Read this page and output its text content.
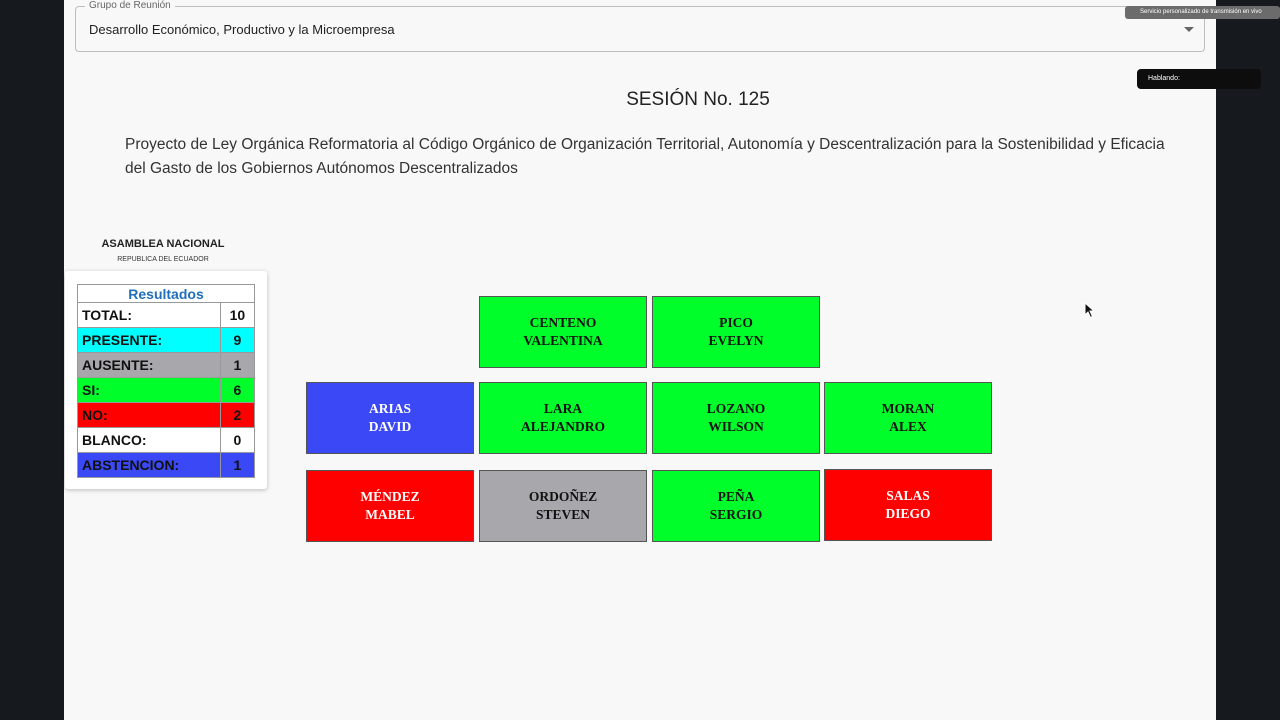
Grupo de Reunión
Desarrollo Económico, Productivo y la Microempresa
SESIÓN No. 125
Proyecto de Ley Orgánica Reformatoria al Código Orgánico de Organización Territorial, Autonomía y Descentralización para la Sostenibilidad y Eficacia del Gasto de los Gobiernos Autónomos Descentralizados
ASAMBLEA NACIONAL
REPUBLICA DEL ECUADOR
Resultados	
TOTAL:	10
PRESENTE:	9
AUSENTE:	1
SI:	6
NO:	2
BLANCO:	0
ABSTENCION:	1
CENTENO
VALENTINA
PICO
EVELYN
ARIAS
DAVID
LARA
ALEJANDRO
LOZANO
WILSON
MORAN
ALEX
MÉNDEZ
MABEL
ORDOÑEZ
STEVEN
PEÑA
SERGIO
SALAS
DIEGO
Servicio personalizado de transmisión en vivo
Hablando:
